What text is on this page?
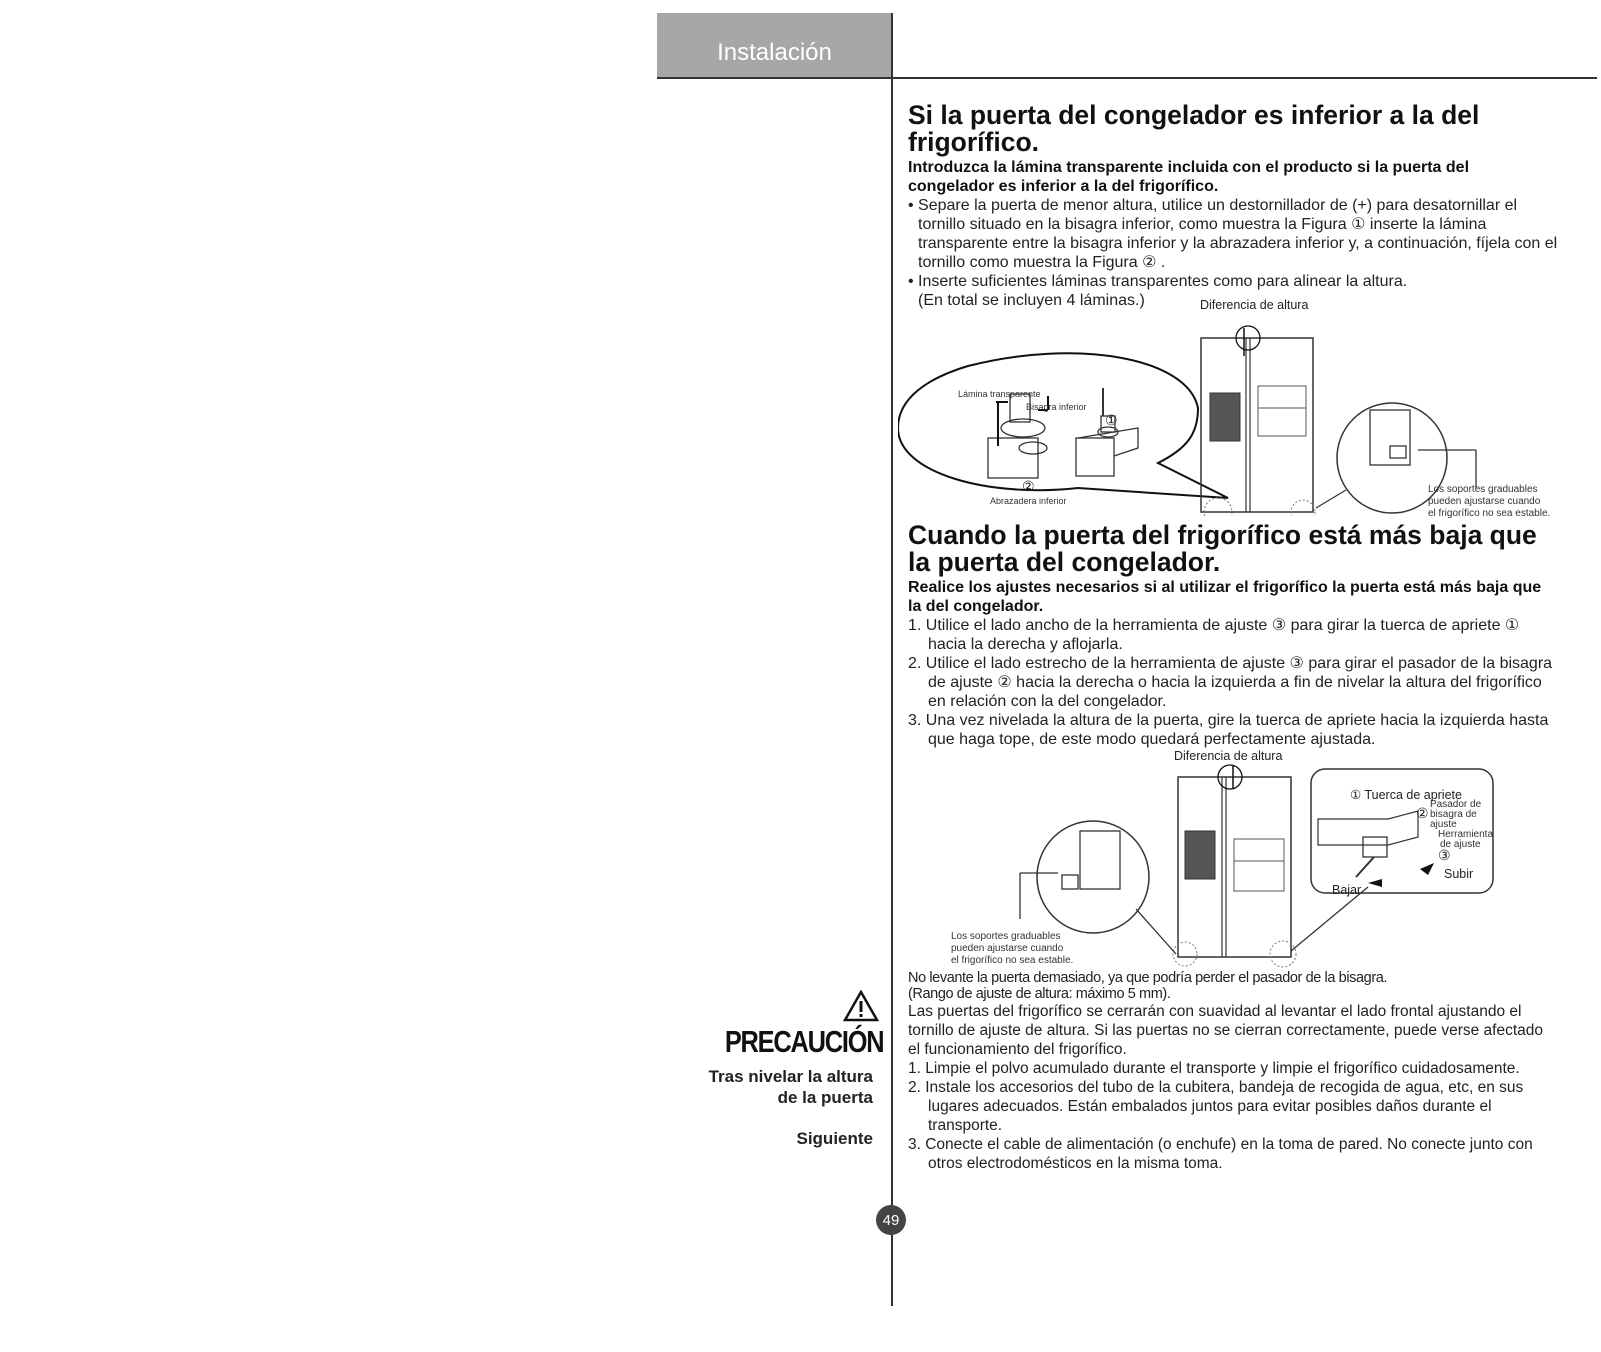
Instalación
49
PRECAUCIÓN
Tras nivelar la altura de la puerta
Siguiente
Si la puerta del congelador es inferior a la del frigorífico.
Introduzca la lámina transparente incluida con el producto si la puerta del congelador es inferior a la del frigorífico.
• Separe la puerta de menor altura, utilice un destornillador de (+) para desatornillar el tornillo situado en la bisagra inferior, como muestra la Figura ① inserte la lámina transparente entre la bisagra inferior y la abrazadera inferior y, a continuación, fíjela con el tornillo como muestra la Figura ② .
• Inserte suficientes láminas transparentes como para alinear la altura.
(En total se incluyen 4 láminas.)	Diferencia de altura
Lámina transparente
Bisagra inferior
①
②
Abrazadera inferior
Los soportes graduables
pueden ajustarse cuando
el frigorífico no sea estable.
Cuando la puerta del frigorífico está más baja que la puerta del congelador.
Realice los ajustes necesarios si al utilizar el frigorífico la puerta está más baja que la del congelador.
1. Utilice el lado ancho de la herramienta de ajuste ③ para girar la tuerca de apriete ① hacia la derecha y aflojarla.
2. Utilice el lado estrecho de la herramienta de ajuste ③ para girar el pasador de la bisagra de ajuste ② hacia la derecha o hacia la izquierda a fin de nivelar la altura del frigorífico en relación con la del congelador.
3. Una vez nivelada la altura de la puerta, gire la tuerca de apriete hacia la izquierda hasta que haga tope, de este modo quedará perfectamente ajustada.
Diferencia de altura
① Tuerca de apriete
②
Pasador de
bisagra de
ajuste
Herramienta
de ajuste
③
Subir
Bajar
Los soportes graduables
pueden ajustarse cuando
el frigorífico no sea estable.
No levante la puerta demasiado, ya que podría perder el pasador de la bisagra.
(Rango de ajuste de altura: máximo 5 mm).
Las puertas del frigorífico se cerrarán con suavidad al levantar el lado frontal ajustando el tornillo de ajuste de altura. Si las puertas no se cierran correctamente, puede verse afectado el funcionamiento del frigorífico.
1. Limpie el polvo acumulado durante el transporte y limpie el frigorífico cuidadosamente.
2. Instale los accesorios del tubo de la cubitera, bandeja de recogida de agua, etc, en sus lugares adecuados. Están embalados juntos para evitar posibles daños durante el transporte.
3. Conecte el cable de alimentación (o enchufe) en la toma de pared. No conecte junto con otros electrodomésticos en la misma toma.
